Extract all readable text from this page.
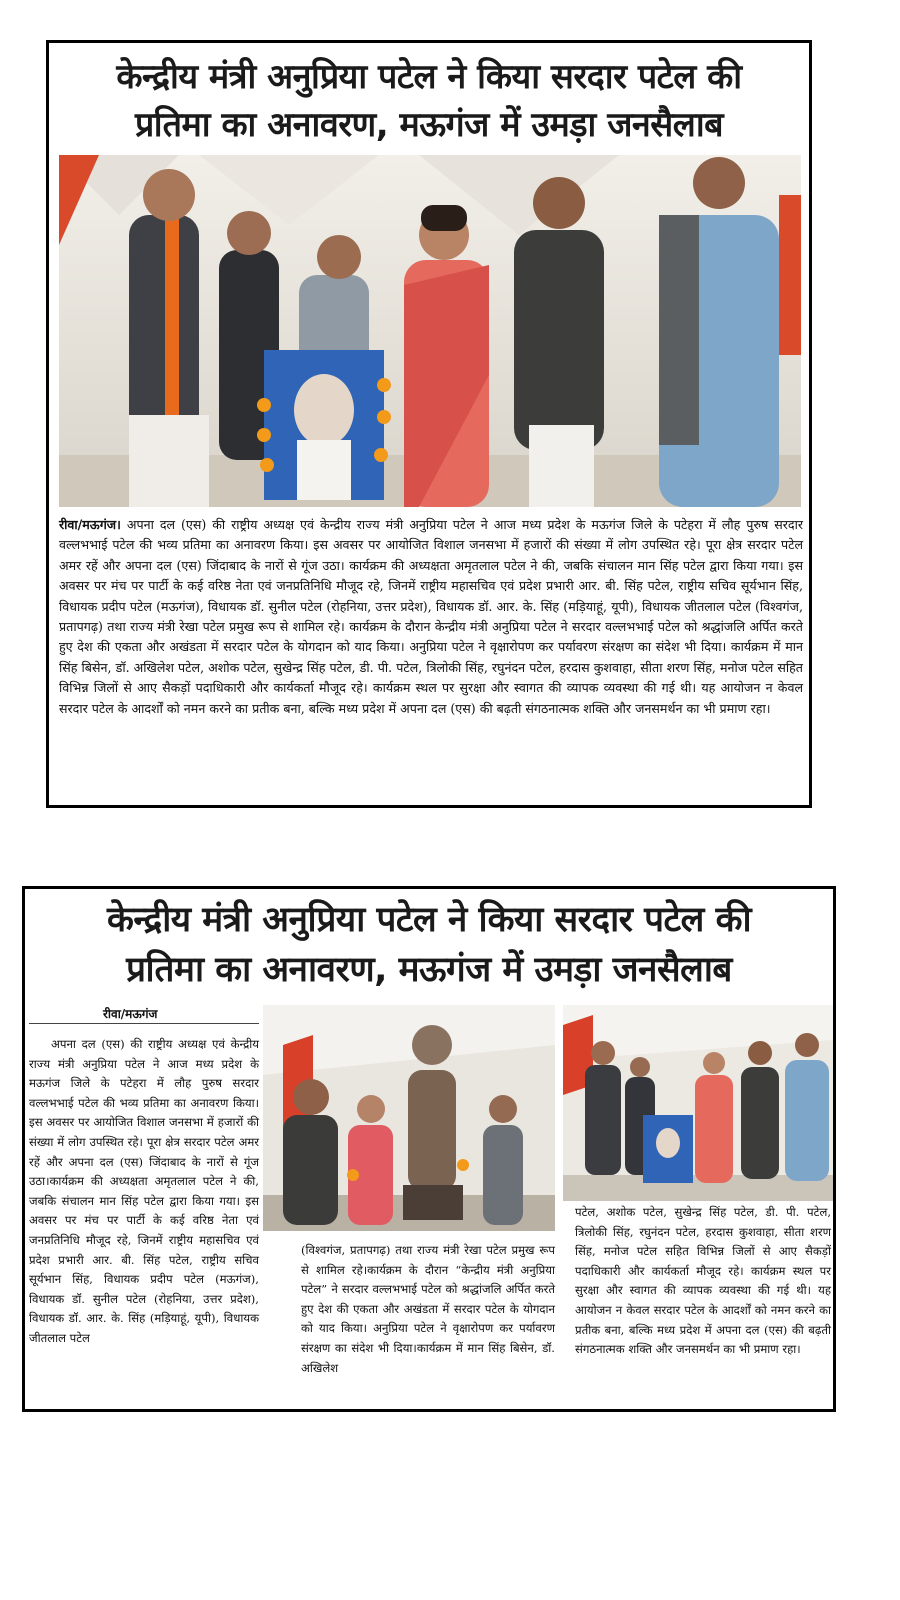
केन्द्रीय मंत्री अनुप्रिया पटेल ने किया सरदार पटेल की
प्रतिमा का अनावरण, मऊगंज में उमड़ा जनसैलाब

रीवा/मऊगंज। अपना दल (एस) की राष्ट्रीय अध्यक्ष एवं केन्द्रीय राज्य मंत्री अनुप्रिया पटेल ने आज मध्य प्रदेश के मऊगंज जिले के पटेहरा में लौह पुरुष सरदार वल्लभभाई पटेल की भव्य प्रतिमा का अनावरण किया। इस अवसर पर आयोजित विशाल जनसभा में हजारों की संख्या में लोग उपस्थित रहे। पूरा क्षेत्र सरदार पटेल अमर रहें और अपना दल (एस) जिंदाबाद के नारों से गूंज उठा। कार्यक्रम की अध्यक्षता अमृतलाल पटेल ने की, जबकि संचालन मान सिंह पटेल द्वारा किया गया। इस अवसर पर मंच पर पार्टी के कई वरिष्ठ नेता एवं जनप्रतिनिधि मौजूद रहे, जिनमें राष्ट्रीय महासचिव एवं प्रदेश प्रभारी आर. बी. सिंह पटेल, राष्ट्रीय सचिव सूर्यभान सिंह, विधायक प्रदीप पटेल (मऊगंज), विधायक डॉ. सुनील पटेल (रोहनिया, उत्तर प्रदेश), विधायक डॉ. आर. के. सिंह (मड़ियाहूं, यूपी), विधायक जीतलाल पटेल (विश्वगंज, प्रतापगढ़) तथा राज्य मंत्री रेखा पटेल प्रमुख रूप से शामिल रहे। कार्यक्रम के दौरान केन्द्रीय मंत्री अनुप्रिया पटेल ने सरदार वल्लभभाई पटेल को श्रद्धांजलि अर्पित करते हुए देश की एकता और अखंडता में सरदार पटेल के योगदान को याद किया। अनुप्रिया पटेल ने वृक्षारोपण कर पर्यावरण संरक्षण का संदेश भी दिया। कार्यक्रम में मान सिंह बिसेन, डॉ. अखिलेश पटेल, अशोक पटेल, सुखेन्द्र सिंह पटेल, डी. पी. पटेल, त्रिलोकी सिंह, रघुनंदन पटेल, हरदास कुशवाहा, सीता शरण सिंह, मनोज पटेल सहित विभिन्न जिलों से आए सैकड़ों पदाधिकारी और कार्यकर्ता मौजूद रहे। कार्यक्रम स्थल पर सुरक्षा और स्वागत की व्यापक व्यवस्था की गई थी। यह आयोजन न केवल सरदार पटेल के आदर्शों को नमन करने का प्रतीक बना, बल्कि मध्य प्रदेश में अपना दल (एस) की बढ़ती संगठनात्मक शक्ति और जनसमर्थन का भी प्रमाण रहा।

केन्द्रीय मंत्री अनुप्रिया पटेल ने किया सरदार पटेल की
प्रतिमा का अनावरण, मऊगंज में उमड़ा जनसैलाब
रीवा/मऊगंज

अपना दल (एस) की राष्ट्रीय अध्यक्ष एवं केन्द्रीय राज्य मंत्री अनुप्रिया पटेल ने आज मध्य प्रदेश के मऊगंज जिले के पटेहरा में लौह पुरुष सरदार वल्लभभाई पटेल की भव्य प्रतिमा का अनावरण किया। इस अवसर पर आयोजित विशाल जनसभा में हजारों की संख्या में लोग उपस्थित रहे। पूरा क्षेत्र सरदार पटेल अमर रहें और अपना दल (एस) जिंदाबाद के नारों से गूंज उठा।कार्यक्रम की अध्यक्षता अमृतलाल पटेल ने की, जबकि संचालन मान सिंह पटेल द्वारा किया गया। इस अवसर पर मंच पर पार्टी के कई वरिष्ठ नेता एवं जनप्रतिनिधि मौजूद रहे, जिनमें राष्ट्रीय महासचिव एवं प्रदेश प्रभारी आर. बी. सिंह पटेल, राष्ट्रीय सचिव सूर्यभान सिंह, विधायक प्रदीप पटेल (मऊगंज), विधायक डॉ. सुनील पटेल (रोहनिया, उत्तर प्रदेश), विधायक डॉ. आर. के. सिंह (मड़ियाहूं, यूपी), विधायक जीतलाल पटेल

(विश्वगंज, प्रतापगढ़) तथा राज्य मंत्री रेखा पटेल प्रमुख रूप से शामिल रहे।कार्यक्रम के दौरान “केन्द्रीय मंत्री अनुप्रिया पटेल” ने सरदार वल्लभभाई पटेल को श्रद्धांजलि अर्पित करते हुए देश की एकता और अखंडता में सरदार पटेल के योगदान को याद किया। अनुप्रिया पटेल ने वृक्षारोपण कर पर्यावरण संरक्षण का संदेश भी दिया।कार्यक्रम में मान सिंह बिसेन, डॉ. अखिलेश

पटेल, अशोक पटेल, सुखेन्द्र सिंह पटेल, डी. पी. पटेल, त्रिलोकी सिंह, रघुनंदन पटेल, हरदास कुशवाहा, सीता शरण सिंह, मनोज पटेल सहित विभिन्न जिलों से आए सैकड़ों पदाधिकारी और कार्यकर्ता मौजूद रहे। कार्यक्रम स्थल पर सुरक्षा और स्वागत की व्यापक व्यवस्था की गई थी। यह आयोजन न केवल सरदार पटेल के आदर्शों को नमन करने का प्रतीक बना, बल्कि मध्य प्रदेश में अपना दल (एस) की बढ़ती संगठनात्मक शक्ति और जनसमर्थन का भी प्रमाण रहा।
